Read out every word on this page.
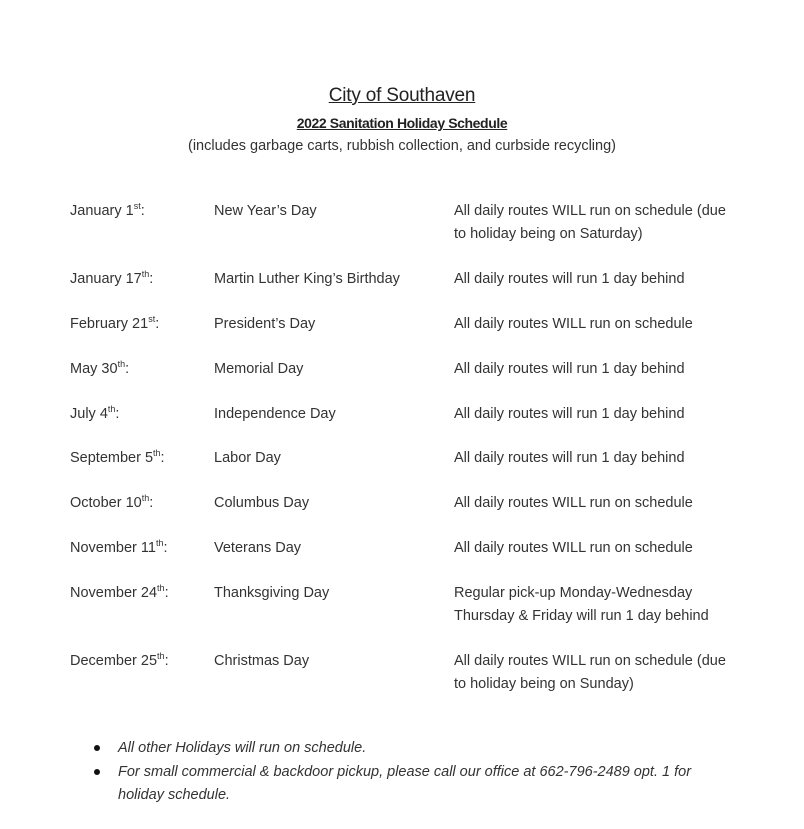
City of Southaven
2022 Sanitation Holiday Schedule
(includes garbage carts, rubbish collection, and curbside recycling)
January 1st:	New Year’s Day	All daily routes WILL run on schedule (due
to holiday being on Saturday)
January 17th:	Martin Luther King’s Birthday	All daily routes will run 1 day behind
February 21st:	President’s Day	All daily routes WILL run on schedule
May 30th:	Memorial Day	All daily routes will run 1 day behind
July 4th:	Independence Day	All daily routes will run 1 day behind
September 5th:	Labor Day	All daily routes will run 1 day behind
October 10th:	Columbus Day	All daily routes WILL run on schedule
November 11th:	Veterans Day	All daily routes WILL run on schedule
November 24th:	Thanksgiving Day	Regular pick-up Monday-Wednesday
Thursday & Friday will run 1 day behind
December 25th:	Christmas Day	All daily routes WILL run on schedule (due
to holiday being on Sunday)
All other Holidays will run on schedule.
For small commercial & backdoor pickup, please call our office at 662-796-2489 opt. 1 for
holiday schedule.
